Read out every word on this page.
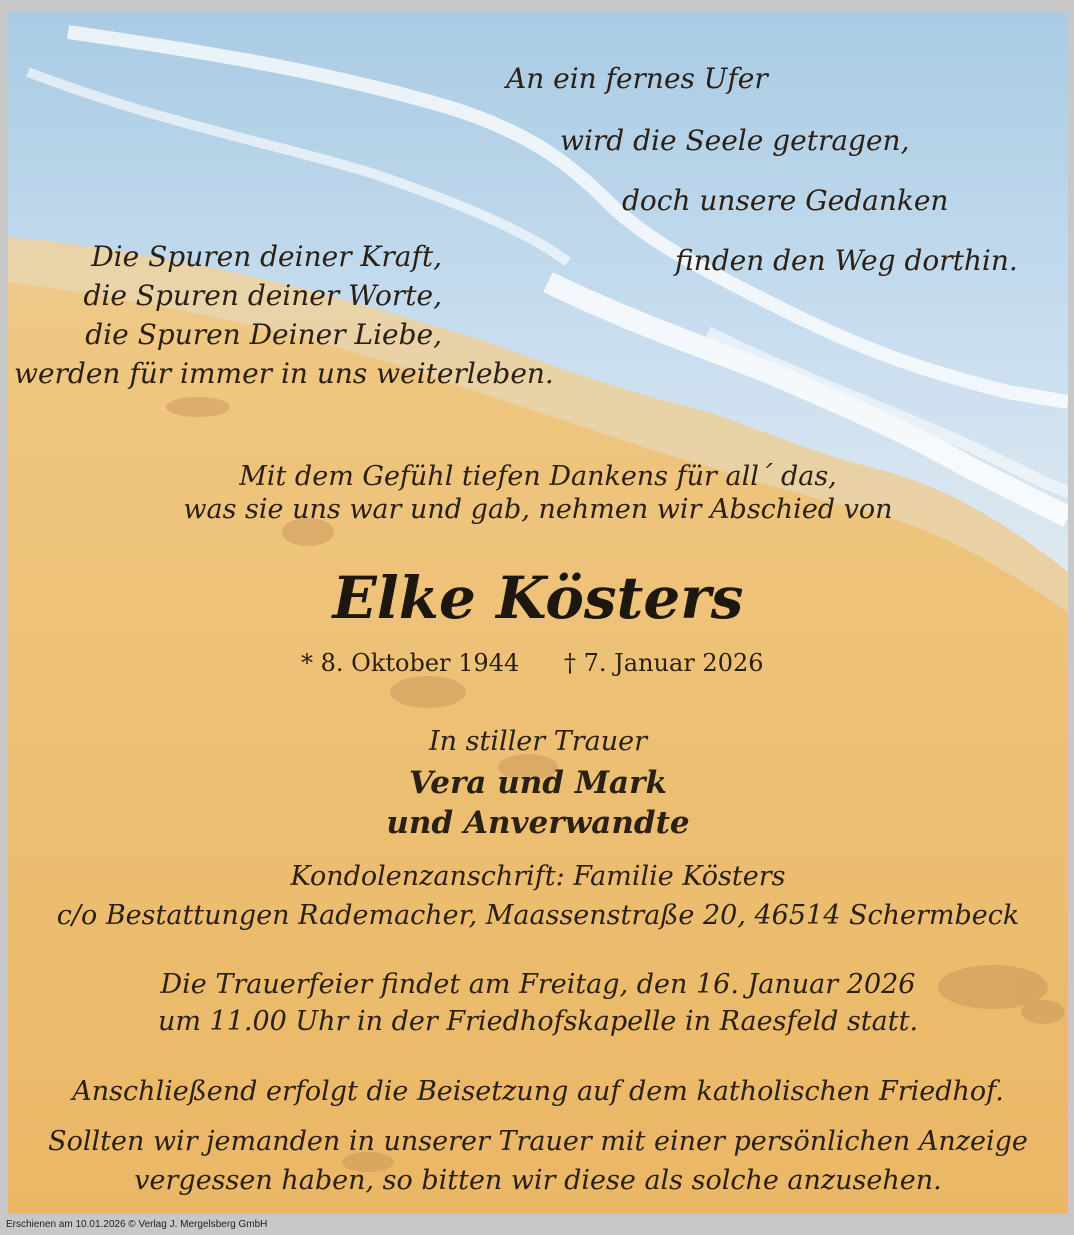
An ein fernes Ufer
wird die Seele getragen,
doch unsere Gedanken
finden den Weg dorthin.
Die Spuren deiner Kraft,
die Spuren deiner Worte,
die Spuren Deiner Liebe,
werden für immer in uns weiterleben.
Mit dem Gefühl tiefen Dankens für all´ das,
was sie uns war und gab, nehmen wir Abschied von
Elke Kösters
* 8. Oktober 1944 † 7. Januar 2026
In stiller Trauer
Vera und Mark
und Anverwandte
Kondolenzanschrift: Familie Kösters
c/o Bestattungen Rademacher, Maassenstraße 20, 46514 Schermbeck
Die Trauerfeier findet am Freitag, den 16. Januar 2026
um 11.00 Uhr in der Friedhofskapelle in Raesfeld statt.
Anschließend erfolgt die Beisetzung auf dem katholischen Friedhof.
Sollten wir jemanden in unserer Trauer mit einer persönlichen Anzeige
vergessen haben, so bitten wir diese als solche anzusehen.
Erschienen am 10.01.2026 © Verlag J. Mergelsberg GmbH
